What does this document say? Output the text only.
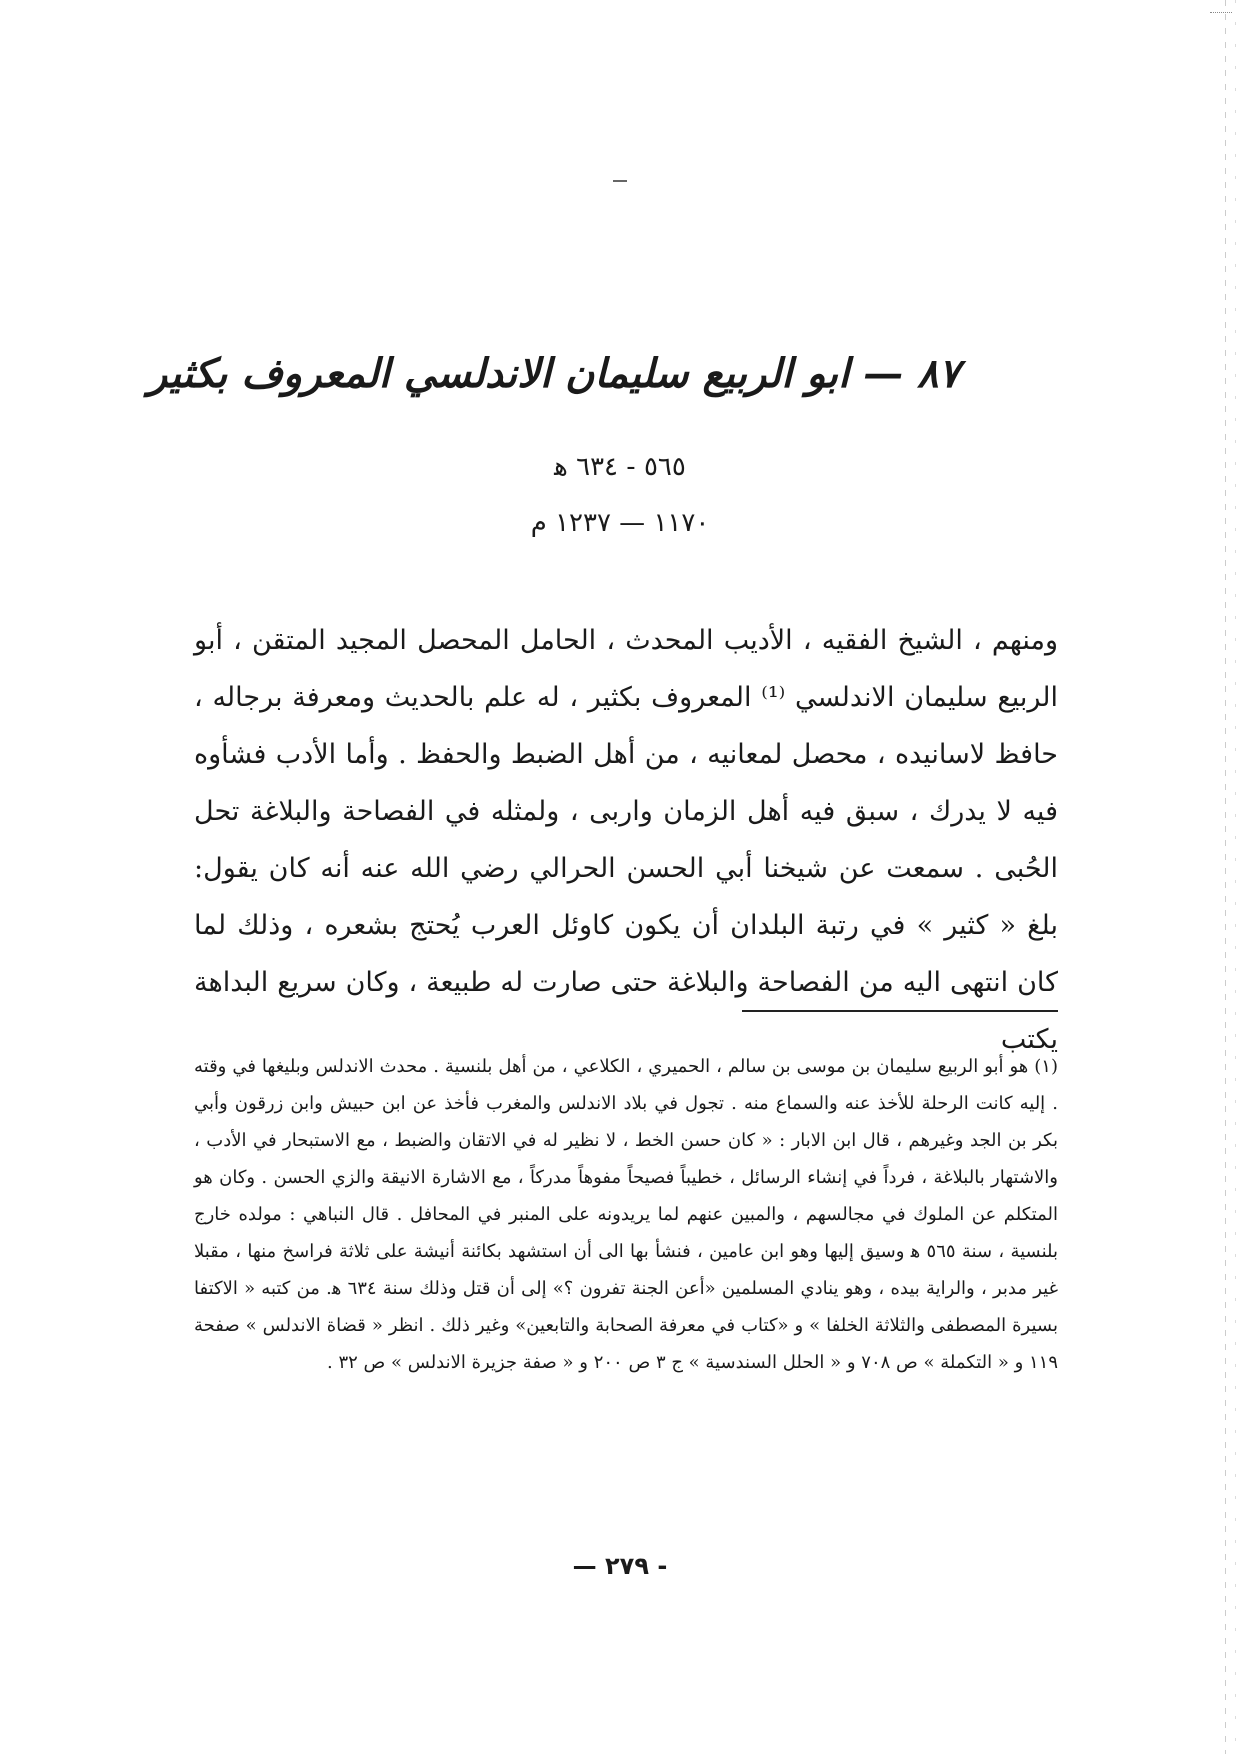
٨٧ — ابو الربيع سليمان الاندلسي المعروف بكثير
٥٦٥ - ٦٣٤ ﻫ
١١٧٠ — ١٢٣٧ م

ومنهم ، الشيخ الفقيه ، الأديب المحدث ، الحامل المحصل المجيد المتقن ، أبو الربيع سليمان الاندلسي ⁽¹⁾ المعروف بكثير ، له علم بالحديث ومعرفة برجاله ، حافظ لاسانيده ، محصل لمعانيه ، من أهل الضبط والحفظ . وأما الأدب فشأوه فيه لا يدرك ، سبق فيه أهل الزمان واربى ، ولمثله في الفصاحة والبلاغة تحل الحُبى . سمعت عن شيخنا أبي الحسن الحرالي رضي الله عنه أنه كان يقول: بلغ « كثير » في رتبة البلدان أن يكون كاوئل العرب يُحتج بشعره ، وذلك لما كان انتهى اليه من الفصاحة والبلاغة حتى صارت له طبيعة ، وكان سريع البداهة يكتب

(١) هو أبو الربيع سليمان بن موسى بن سالم ، الحميري ، الكلاعي ، من أهل بلنسية . محدث الاندلس وبليغها في وقته . إليه كانت الرحلة للأخذ عنه والسماع منه . تجول في بلاد الاندلس والمغرب فأخذ عن ابن حبيش وابن زرقون وأبي بكر بن الجد وغيرهم ، قال ابن الابار : « كان حسن الخط ، لا نظير له في الاتقان والضبط ، مع الاستبحار في الأدب ، والاشتهار بالبلاغة ، فرداً في إنشاء الرسائل ، خطيباً فصيحاً مفوهاً مدركاً ، مع الاشارة الانيقة والزي الحسن . وكان هو المتكلم عن الملوك في مجالسهم ، والمبين عنهم لما يريدونه على المنبر في المحافل . قال النباهي : مولده خارج بلنسية ، سنة ٥٦٥ ﻫ وسيق إليها وهو ابن عامين ، فنشأ بها الى أن استشهد بكائنة أنيشة على ثلاثة فراسخ منها ، مقبلا غير مدبر ، والراية بيده ، وهو ينادي المسلمين «أعن الجنة تفرون ؟» إلى أن قتل وذلك سنة ٦٣٤ ﻫ. من كتبه « الاكتفا بسيرة المصطفى والثلاثة الخلفا » و «كتاب في معرفة الصحابة والتابعين» وغير ذلك . انظر « قضاة الاندلس » صفحة ١١٩ و « التكملة » ص ٧٠٨ و « الحلل السندسية » ج ٣ ص ٢٠٠ و « صفة جزيرة الاندلس » ص ٣٢ .

- ٢٧٩ —
